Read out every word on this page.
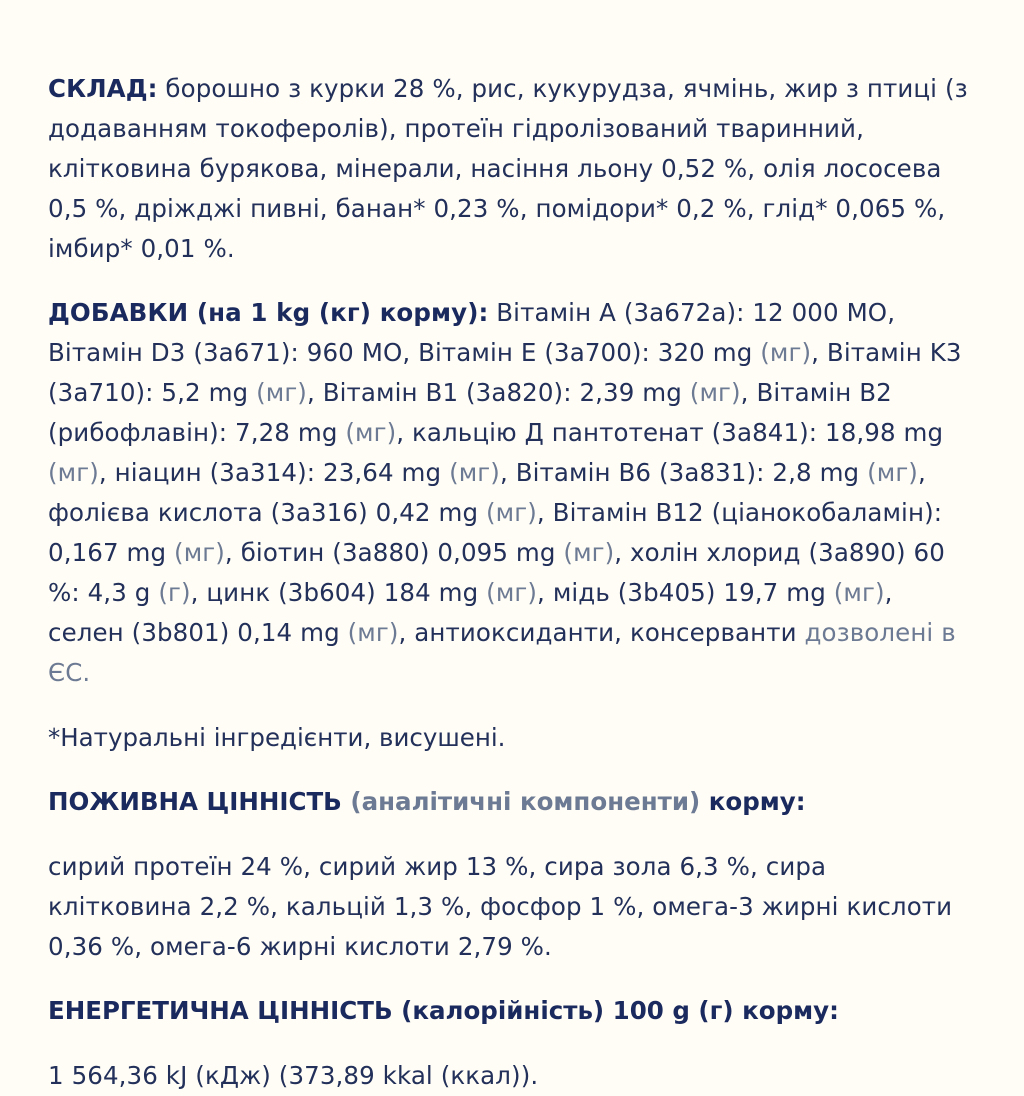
СКЛАД: борошно з курки 28 %, рис, кукурудза, ячмінь, жир з птиці (з додаванням токоферолів), протеїн гідролізований тваринний, клітковина бурякова, мінерали, насіння льону 0,52 %, олія лососева 0,5 %, дріжджі пивні, банан* 0,23 %, помідори* 0,2 %, глід* 0,065 %, імбир* 0,01 %.

ДОБАВКИ (на 1 kg (кг) корму): Вітамін A (3a672a): 12 000 МО, Вітамін D3 (3a671): 960 МО, Вітамін E (3a700): 320 mg (мг), Вітамін K3 (3a710): 5,2 mg (мг), Вітамін B1 (3a820): 2,39 mg (мг), Вітамін B2 (рибофлавін): 7,28 mg (мг), кальцію Д пантотенат (3a841): 18,98 mg (мг), ніацин (3a314): 23,64 mg (мг), Вітамін B6 (3a831): 2,8 mg (мг), фолієва кислота (3a316) 0,42 mg (мг), Вітамін B12 (ціанокобаламін): 0,167 mg (мг), біотин (3a880) 0,095 mg (мг), холін хлорид (3a890) 60 %: 4,3 g (г), цинк (3b604) 184 mg (мг), мідь (3b405) 19,7 mg (мг), селен (3b801) 0,14 mg (мг), антиоксиданти, консерванти дозволені в ЄС.

*Натуральні інгредієнти, висушені.

ПОЖИВНА ЦІННІСТЬ (аналітичні компоненти) корму:

сирий протеїн 24 %, сирий жир 13 %, сира зола 6,3 %, сира клітковина 2,2 %, кальцій 1,3 %, фосфор 1 %, омега-3 жирні кислоти 0,36 %, омега-6 жирні кислоти 2,79 %.

ЕНЕРГЕТИЧНА ЦІННІСТЬ (калорійність) 100 g (г) корму:

1 564,36 kJ (кДж) (373,89 kkal (ккал)).
